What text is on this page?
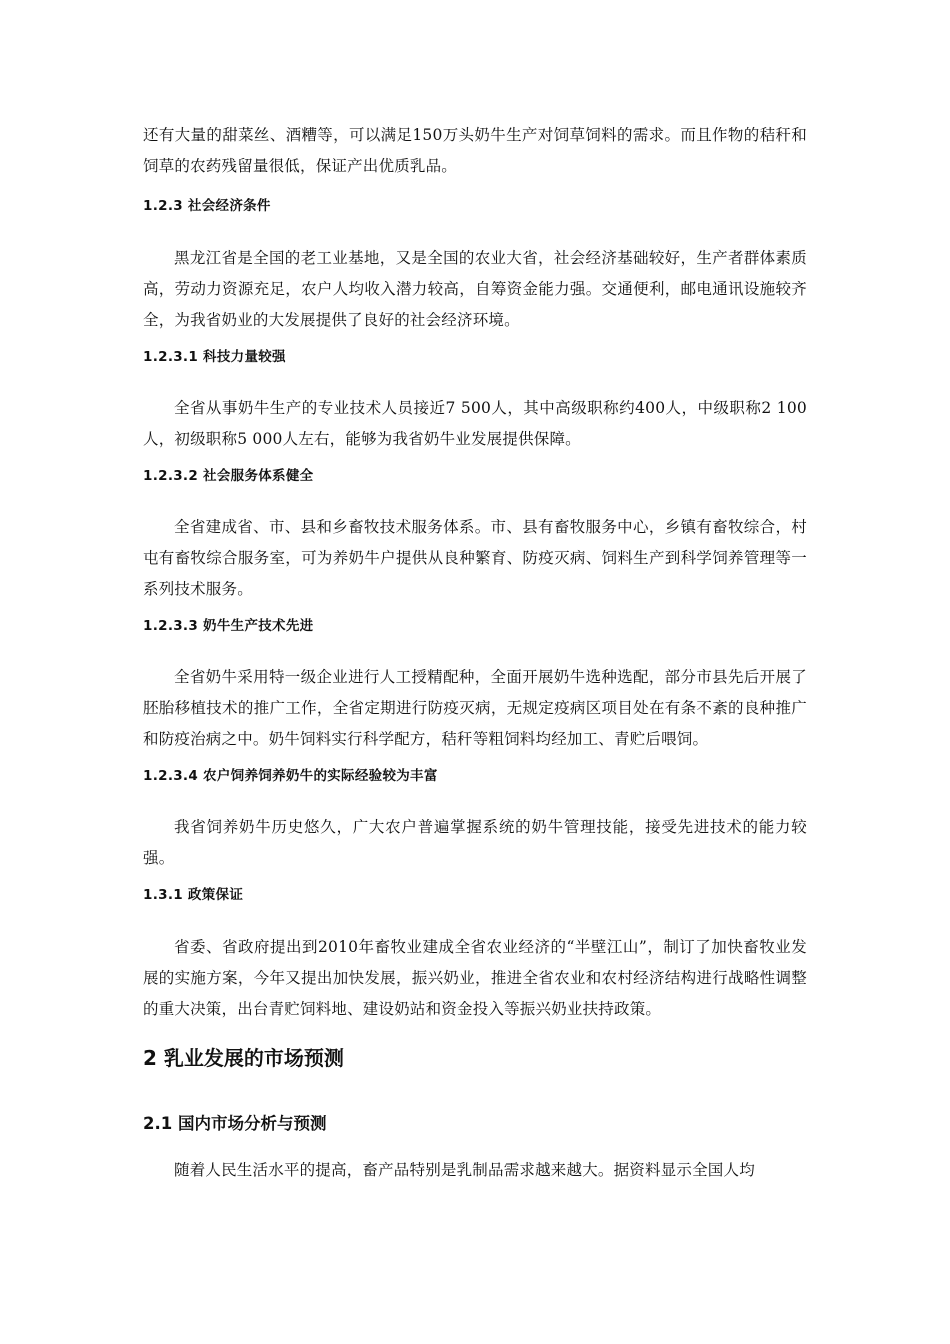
还有大量的甜菜丝、酒糟等，可以满足150万头奶牛生产对饲草饲料的需求。而且作物的秸秆和饲草的农药残留量很低，保证产出优质乳品。

1.2.3 社会经济条件

黑龙江省是全国的老工业基地，又是全国的农业大省，社会经济基础较好，生产者群体素质高，劳动力资源充足，农户人均收入潜力较高，自筹资金能力强。交通便利，邮电通讯设施较齐全，为我省奶业的大发展提供了良好的社会经济环境。

1.2.3.1 科技力量较强

全省从事奶牛生产的专业技术人员接近7 500人，其中高级职称约400人，中级职称2 100人，初级职称5 000人左右，能够为我省奶牛业发展提供保障。

1.2.3.2 社会服务体系健全

全省建成省、市、县和乡畜牧技术服务体系。市、县有畜牧服务中心，乡镇有畜牧综合，村屯有畜牧综合服务室，可为养奶牛户提供从良种繁育、防疫灭病、饲料生产到科学饲养管理等一系列技术服务。

1.2.3.3 奶牛生产技术先进

全省奶牛采用特一级企业进行人工授精配种，全面开展奶牛选种选配，部分市县先后开展了胚胎移植技术的推广工作，全省定期进行防疫灭病，无规定疫病区项目处在有条不紊的良种推广和防疫治病之中。奶牛饲料实行科学配方，秸秆等粗饲料均经加工、青贮后喂饲。

1.2.3.4 农户饲养饲养奶牛的实际经验较为丰富

我省饲养奶牛历史悠久，广大农户普遍掌握系统的奶牛管理技能，接受先进技术的能力较强。

1.3.1 政策保证

省委、省政府提出到2010年畜牧业建成全省农业经济的“半壁江山”，制订了加快畜牧业发展的实施方案，今年又提出加快发展，振兴奶业，推进全省农业和农村经济结构进行战略性调整的重大决策，出台青贮饲料地、建设奶站和资金投入等振兴奶业扶持政策。

2 乳业发展的市场预测

2.1 国内市场分析与预测

随着人民生活水平的提高，畜产品特别是乳制品需求越来越大。据资料显示全国人均
